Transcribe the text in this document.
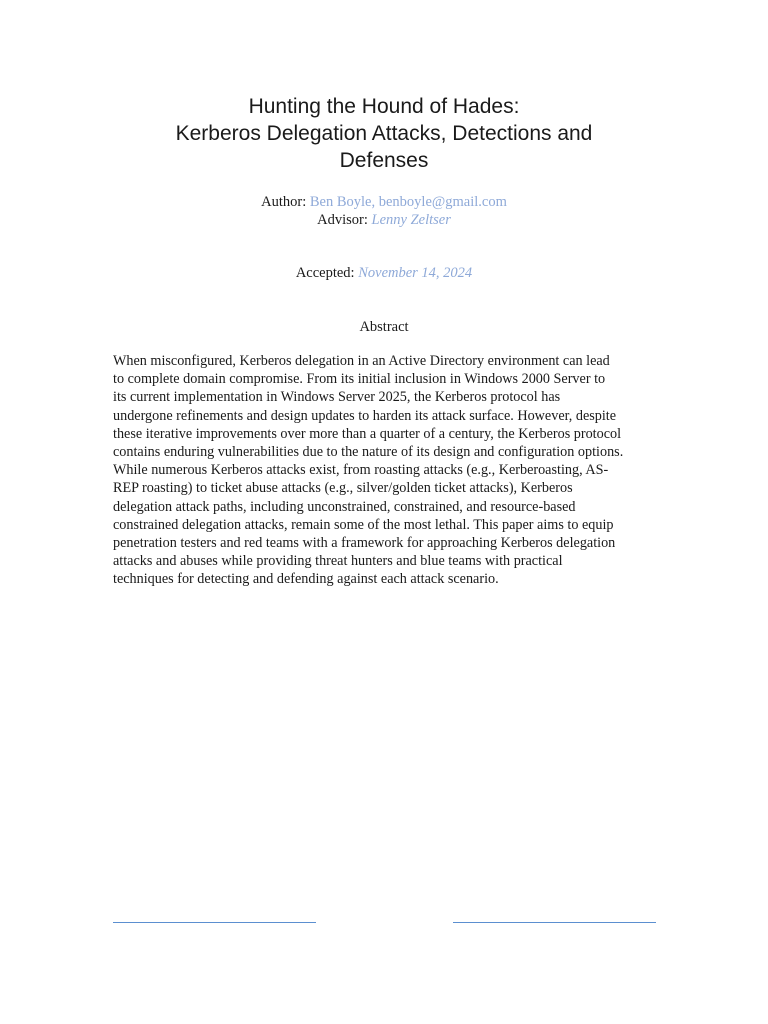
Hunting the Hound of Hades:
Kerberos Delegation Attacks, Detections and
Defenses
Author: Ben Boyle, benboyle@gmail.com
Advisor: Lenny Zeltser
Accepted: November 14, 2024
Abstract
When misconfigured, Kerberos delegation in an Active Directory environment can lead
to complete domain compromise. From its initial inclusion in Windows 2000 Server to
its current implementation in Windows Server 2025, the Kerberos protocol has
undergone refinements and design updates to harden its attack surface. However, despite
these iterative improvements over more than a quarter of a century, the Kerberos protocol
contains enduring vulnerabilities due to the nature of its design and configuration options.
While numerous Kerberos attacks exist, from roasting attacks (e.g., Kerberoasting, AS-
REP roasting) to ticket abuse attacks (e.g., silver/golden ticket attacks), Kerberos
delegation attack paths, including unconstrained, constrained, and resource-based
constrained delegation attacks, remain some of the most lethal. This paper aims to equip
penetration testers and red teams with a framework for approaching Kerberos delegation
attacks and abuses while providing threat hunters and blue teams with practical
techniques for detecting and defending against each attack scenario.
